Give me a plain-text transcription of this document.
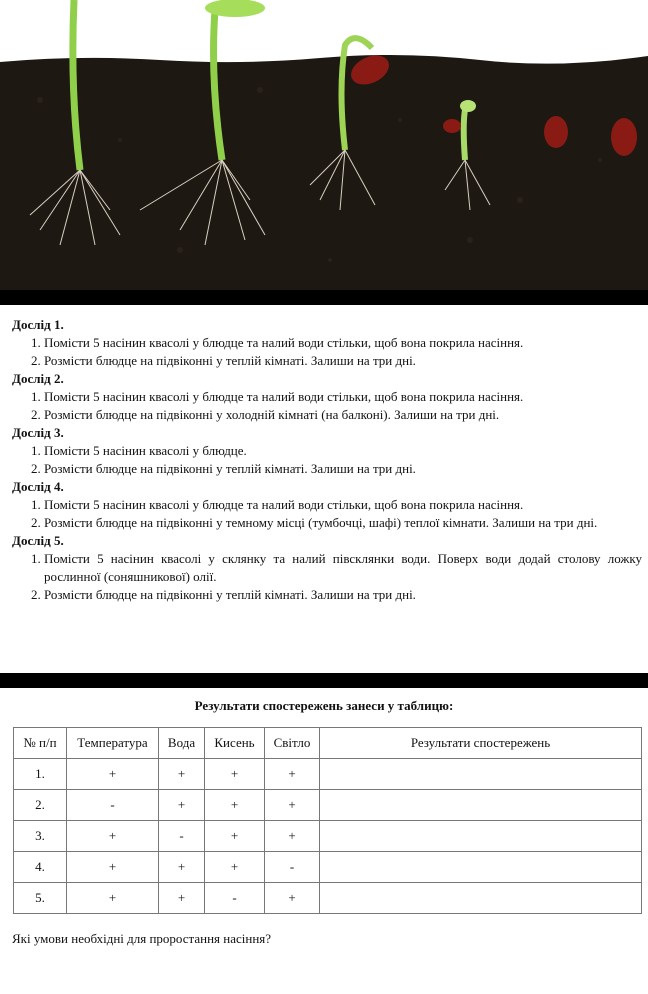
Дослід 1.
1. Помісти 5 насінин квасолі у блюдце та налий води стільки, щоб вона покрила насіння.
2. Розмісти блюдце на підвіконні у теплій кімнаті. Залиши на три дні.
Дослід 2.
1. Помісти 5 насінин квасолі у блюдце та налий води стільки, щоб вона покрила насіння.
2. Розмісти блюдце на підвіконні у холодній кімнаті (на балконі). Залиши на три дні.
Дослід 3.
1. Помісти 5 насінин квасолі у блюдце.
2. Розмісти блюдце на підвіконні у теплій кімнаті. Залиши на три дні.
Дослід 4.
1. Помісти 5 насінин квасолі у блюдце та налий води стільки, щоб вона покрила насіння.
2. Розмісти блюдце на підвіконні у темному місці (тумбочці, шафі) теплої кімнати. Залиши на три дні.
Дослід 5.
1. Помісти 5 насінин квасолі у склянку та налий півсклянки води. Поверх води додай столову ложку рослинної (соняшникової) олії.
2. Розмісти блюдце на підвіконні у теплій кімнаті. Залиши на три дні.
Результати спостережень занеси у таблицю:
№ п/п	Температура	Вода	Кисень	Світло	Результати спостережень
1.	+	+	+	+	
2.	-	+	+	+	
3.	+	-	+	+	
4.	+	+	+	-	
5.	+	+	-	+	
Які умови необхідні для проростання насіння?
